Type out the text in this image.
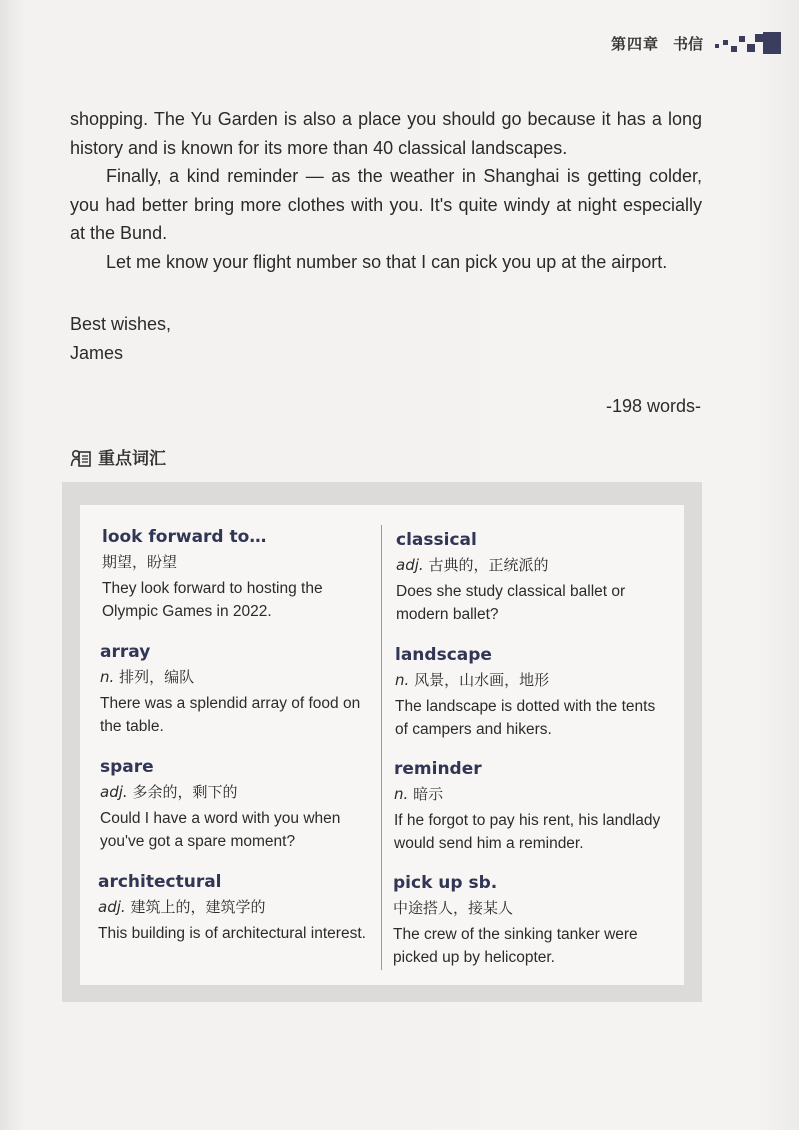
第四章 书信

shopping. The Yu Garden is also a place you should go because it has a long history and is known for its more than 40 classical landscapes.

Finally, a kind reminder — as the weather in Shanghai is getting colder, you had better bring more clothes with you. It's quite windy at night especially at the Bund.

Let me know your flight number so that I can pick you up at the airport.

Best wishes,
James
-198 words-
重点词汇
look forward to…
期望，盼望
They look forward to hosting the Olympic Games in 2022.
array
n. 排列，编队
There was a splendid array of food on the table.
spare
adj. 多余的，剩下的
Could I have a word with you when you've got a spare moment?
architectural
adj. 建筑上的，建筑学的
This building is of architectural interest.
classical
adj. 古典的，正统派的
Does she study classical ballet or modern ballet?
landscape
n. 风景，山水画，地形
The landscape is dotted with the tents of campers and hikers.
reminder
n. 暗示
If he forgot to pay his rent, his landlady would send him a reminder.
pick up sb.
中途搭人，接某人
The crew of the sinking tanker were picked up by helicopter.
